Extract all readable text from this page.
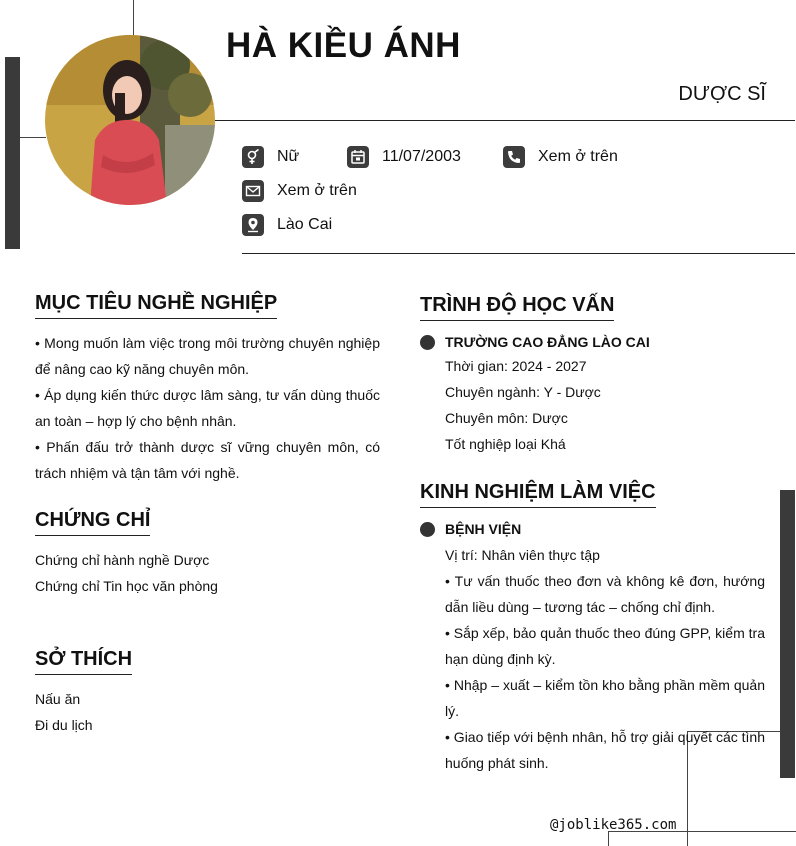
HÀ KIỀU ÁNH
DƯỢC SĨ
Nữ	11/07/2003	Xem ở trên
Xem ở trên
Lào Cai
MỤC TIÊU NGHỀ NGHIỆP
• Mong muốn làm việc trong môi trường chuyên nghiệp để nâng cao kỹ năng chuyên môn.
• Áp dụng kiến thức dược lâm sàng, tư vấn dùng thuốc an toàn – hợp lý cho bệnh nhân.
• Phấn đấu trở thành dược sĩ vững chuyên môn, có trách nhiệm và tận tâm với nghề.
CHỨNG CHỈ
Chứng chỉ hành nghề Dược
Chứng chỉ Tin học văn phòng
SỞ THÍCH
Nấu ăn
Đi du lịch
TRÌNH ĐỘ HỌC VẤN
TRƯỜNG CAO ĐẲNG LÀO CAI
Thời gian: 2024 - 2027
Chuyên ngành: Y - Dược
Chuyên môn: Dược
Tốt nghiệp loại Khá
KINH NGHIỆM LÀM VIỆC
BỆNH VIỆN
Vị trí: Nhân viên thực tập
• Tư vấn thuốc theo đơn và không kê đơn, hướng dẫn liều dùng – tương tác – chống chỉ định.
• Sắp xếp, bảo quản thuốc theo đúng GPP, kiểm tra hạn dùng định kỳ.
• Nhập – xuất – kiểm tồn kho bằng phần mềm quản lý.
• Giao tiếp với bệnh nhân, hỗ trợ giải quyết các tình huống phát sinh.
@joblike365.com
